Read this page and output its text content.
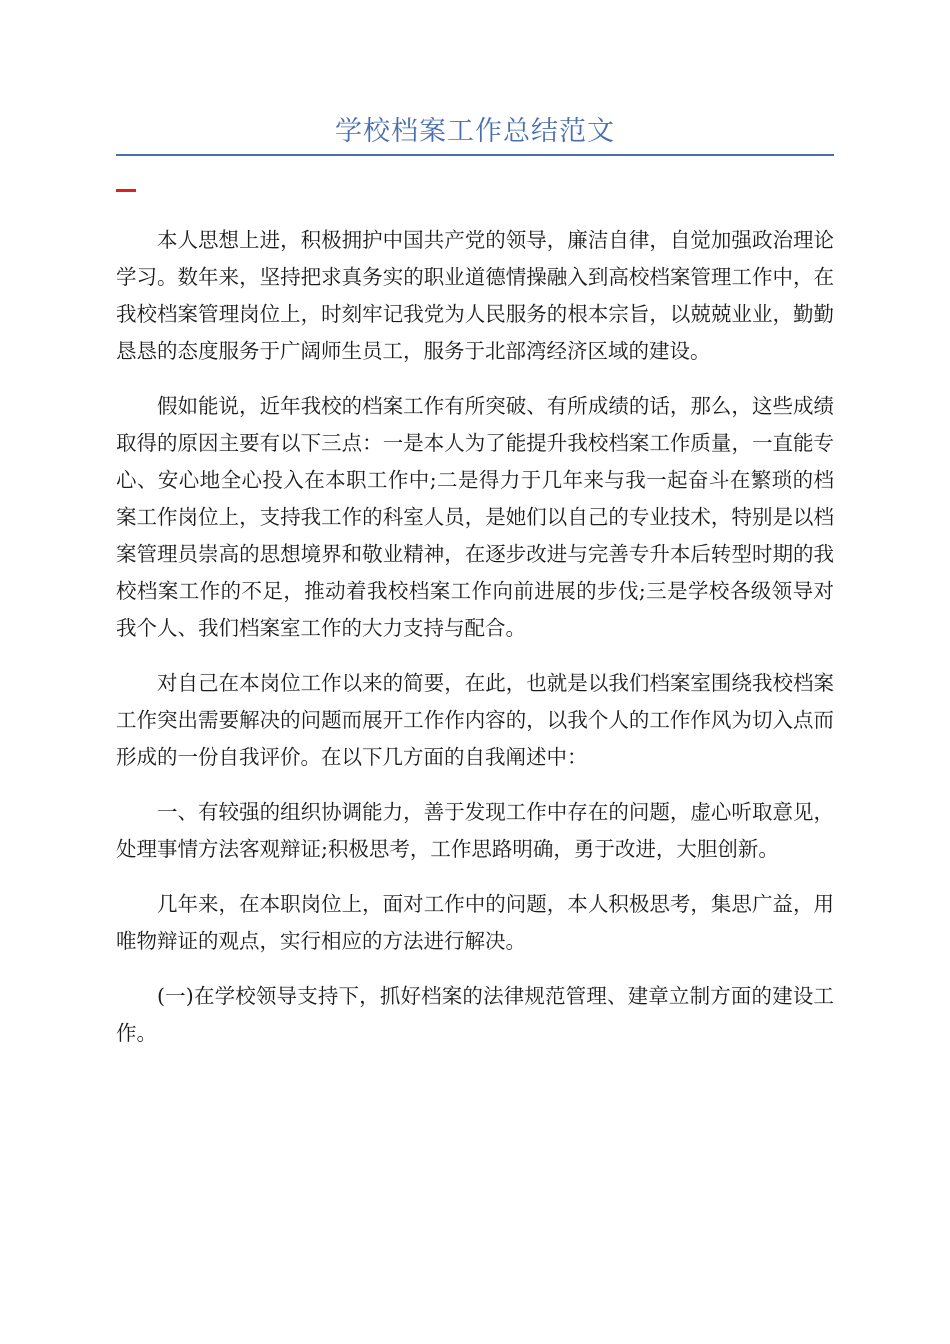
学校档案工作总结范文

本人思想上进，积极拥护中国共产党的领导，廉洁自律，自觉加强政治理论学习。数年来，坚持把求真务实的职业道德情操融入到高校档案管理工作中，在我校档案管理岗位上，时刻牢记我党为人民服务的根本宗旨，以兢兢业业，勤勤恳恳的态度服务于广阔师生员工，服务于北部湾经济区域的建设。

假如能说，近年我校的档案工作有所突破、有所成绩的话，那么，这些成绩取得的原因主要有以下三点：一是本人为了能提升我校档案工作质量，一直能专心、安心地全心投入在本职工作中;二是得力于几年来与我一起奋斗在繁琐的档案工作岗位上，支持我工作的科室人员，是她们以自己的专业技术，特别是以档案管理员崇高的思想境界和敬业精神，在逐步改进与完善专升本后转型时期的我校档案工作的不足，推动着我校档案工作向前进展的步伐;三是学校各级领导对我个人、我们档案室工作的大力支持与配合。

对自己在本岗位工作以来的简要，在此，也就是以我们档案室围绕我校档案工作突出需要解决的问题而展开工作作内容的，以我个人的工作作风为切入点而形成的一份自我评价。在以下几方面的自我阐述中：

一、有较强的组织协调能力，善于发现工作中存在的问题，虚心听取意见，处理事情方法客观辩证;积极思考，工作思路明确，勇于改进，大胆创新。

几年来，在本职岗位上，面对工作中的问题，本人积极思考，集思广益，用唯物辩证的观点，实行相应的方法进行解决。

(一)在学校领导支持下，抓好档案的法律规范管理、建章立制方面的建设工作。
